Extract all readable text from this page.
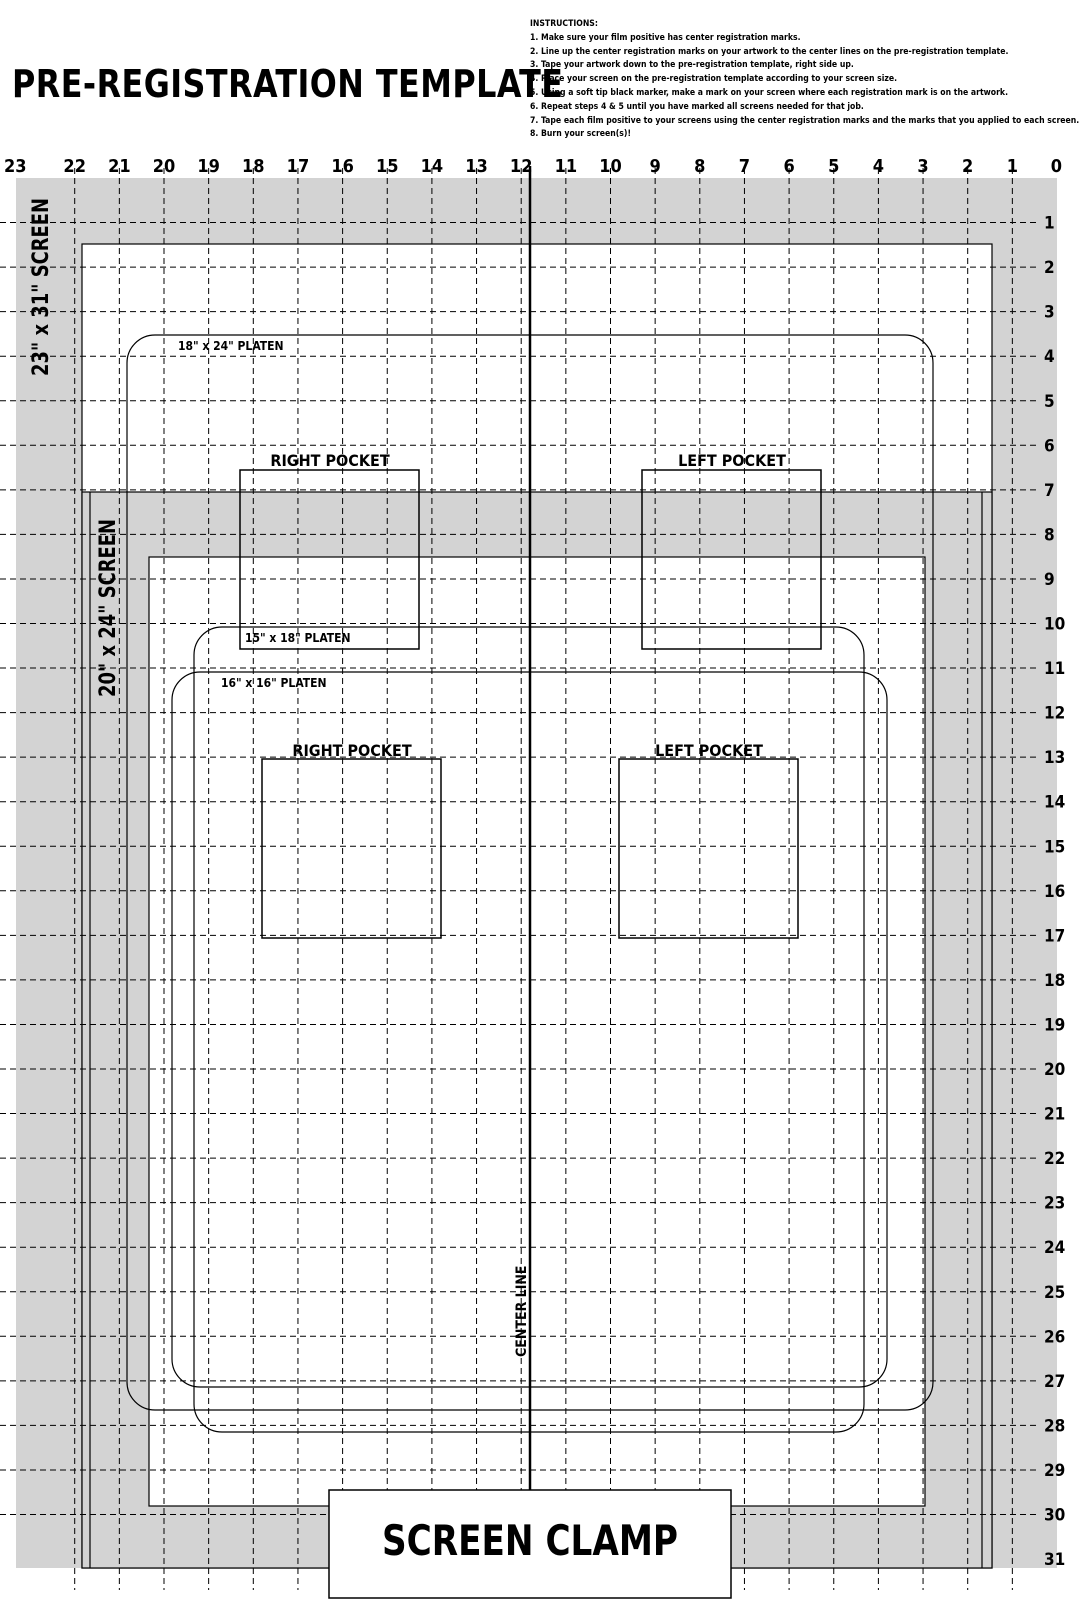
PRE-REGISTRATION TEMPLATE
INSTRUCTIONS:
1. Make sure your film positive has center registration marks.
2. Line up the center registration marks on your artwork to the center lines on the pre-registration template.
3. Tape your artwork down to the pre-registration template, right side up.
4. Place your screen on the pre-registration template according to your screen size.
5. Using a soft tip black marker, make a mark on your screen where each registration mark is on the artwork.
6. Repeat steps 4 & 5 until you have marked all screens needed for that job.
7. Tape each film positive to your screens using the center registration marks and the marks that you applied to each screen.
8. Burn your screen(s)!
CENTER LINE
SCREEN CLAMP
23" x 31" SCREEN
20" x 24" SCREEN
18" x 24" PLATEN
15" x 18" PLATEN
16" x 16" PLATEN
RIGHT POCKET	LEFT POCKET
RIGHT POCKET	LEFT POCKET
23 22 21 20 19 18 17 16 15 14 13 12 11 10 9 8 7 6 5 4 3 2 1 0
1
2
3
4
5
6
7
8
9
10
11
12
13
14
15
16
17
18
19
20
21
22
23
24
25
26
27
28
29
30
31
